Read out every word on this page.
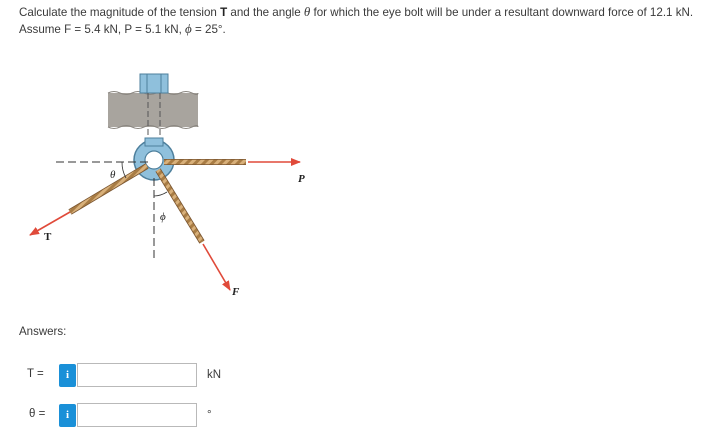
Calculate the magnitude of the tension T and the angle θ for which the eye bolt will be under a resultant downward force of 12.1 kN.
Assume F = 5.4 kN, P = 5.1 kN, ϕ = 25°.
T
P
F
θ
ϕ
Answers:
T =	i	kN
θ =	i	°
